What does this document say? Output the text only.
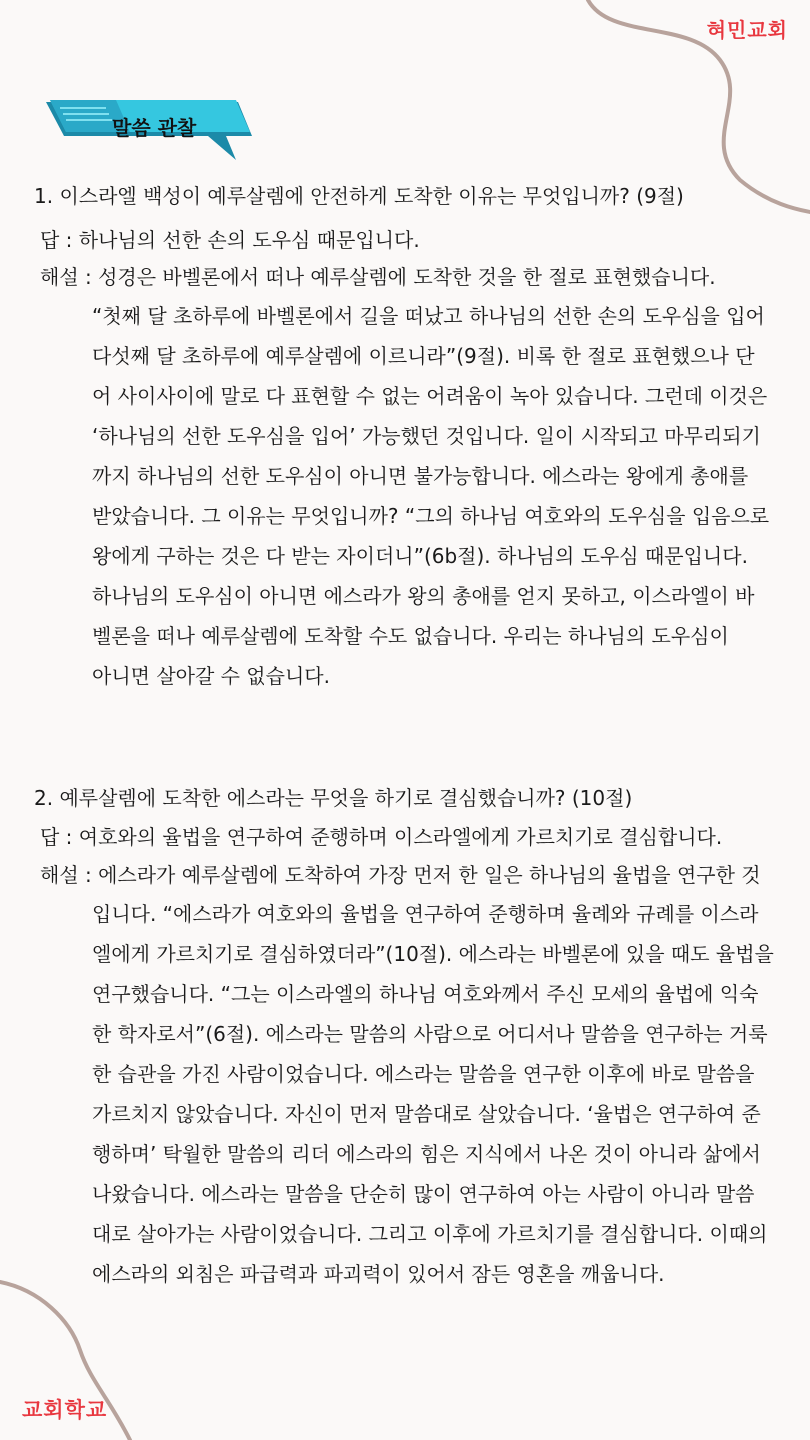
혀민교회
말씀 관찰
1. 이스라엘 백성이 예루살렘에 안전하게 도착한 이유는 무엇입니까? (9절)
답 : 하나님의 선한 손의 도우심 때문입니다.
해설 : 성경은 바벨론에서 떠나 예루살렘에 도착한 것을 한 절로 표현했습니다.
“첫째 달 초하루에 바벨론에서 길을 떠났고 하나님의 선한 손의 도우심을 입어
다섯째 달 초하루에 예루살렘에 이르니라”(9절). 비록 한 절로 표현했으나 단
어 사이사이에 말로 다 표현할 수 없는 어려움이 녹아 있습니다. 그런데 이것은
‘하나님의 선한 도우심을 입어’ 가능했던 것입니다. 일이 시작되고 마무리되기
까지 하나님의 선한 도우심이 아니면 불가능합니다. 에스라는 왕에게 총애를
받았습니다. 그 이유는 무엇입니까? “그의 하나님 여호와의 도우심을 입음으로
왕에게 구하는 것은 다 받는 자이더니”(6b절). 하나님의 도우심 때문입니다.
하나님의 도우심이 아니면 에스라가 왕의 총애를 얻지 못하고, 이스라엘이 바
벨론을 떠나 예루살렘에 도착할 수도 없습니다. 우리는 하나님의 도우심이
아니면 살아갈 수 없습니다.
2. 예루살렘에 도착한 에스라는 무엇을 하기로 결심했습니까? (10절)
답 : 여호와의 율법을 연구하여 준행하며 이스라엘에게 가르치기로 결심합니다.
해설 : 에스라가 예루살렘에 도착하여 가장 먼저 한 일은 하나님의 율법을 연구한 것
입니다. “에스라가 여호와의 율법을 연구하여 준행하며 율례와 규례를 이스라
엘에게 가르치기로 결심하였더라”(10절). 에스라는 바벨론에 있을 때도 율법을
연구했습니다. “그는 이스라엘의 하나님 여호와께서 주신 모세의 율법에 익숙
한 학자로서”(6절). 에스라는 말씀의 사람으로 어디서나 말씀을 연구하는 거룩
한 습관을 가진 사람이었습니다. 에스라는 말씀을 연구한 이후에 바로 말씀을
가르치지 않았습니다. 자신이 먼저 말씀대로 살았습니다. ‘율법은 연구하여 준
행하며’ 탁월한 말씀의 리더 에스라의 힘은 지식에서 나온 것이 아니라 삶에서
나왔습니다. 에스라는 말씀을 단순히 많이 연구하여 아는 사람이 아니라 말씀
대로 살아가는 사람이었습니다. 그리고 이후에 가르치기를 결심합니다. 이때의
에스라의 외침은 파급력과 파괴력이 있어서 잠든 영혼을 깨웁니다.
교회학교
